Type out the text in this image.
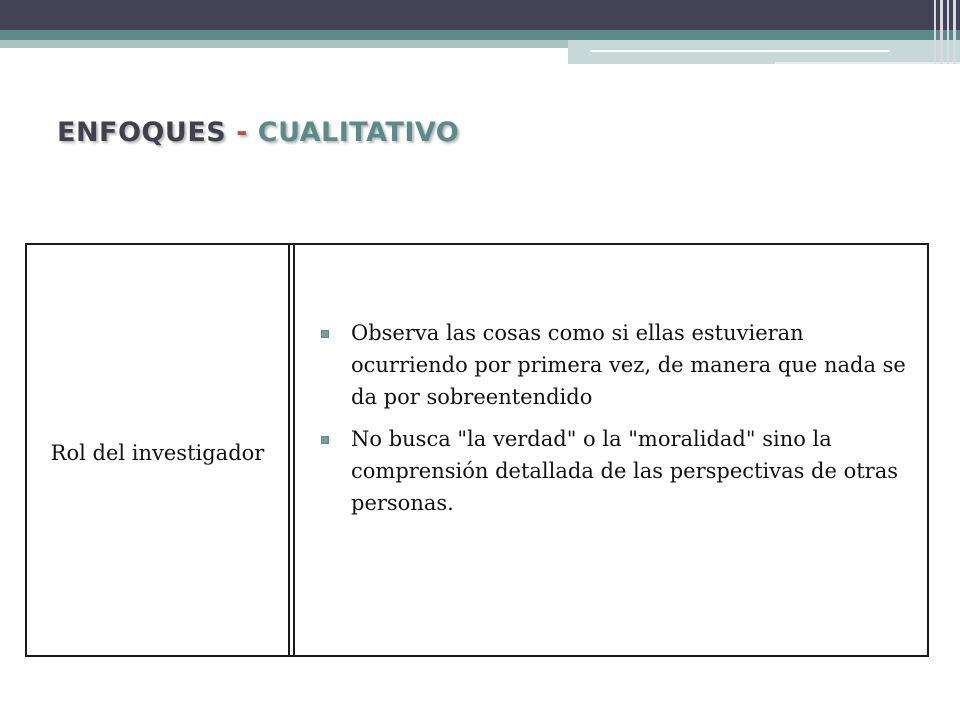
ENFOQUES - CUALITATIVO
Rol del investigador
Observa las cosas como si ellas estuvieran ocurriendo por primera vez, de manera que nada se da por sobreentendido
No busca "la verdad" o la "moralidad" sino la comprensión detallada de las perspectivas de otras personas.
